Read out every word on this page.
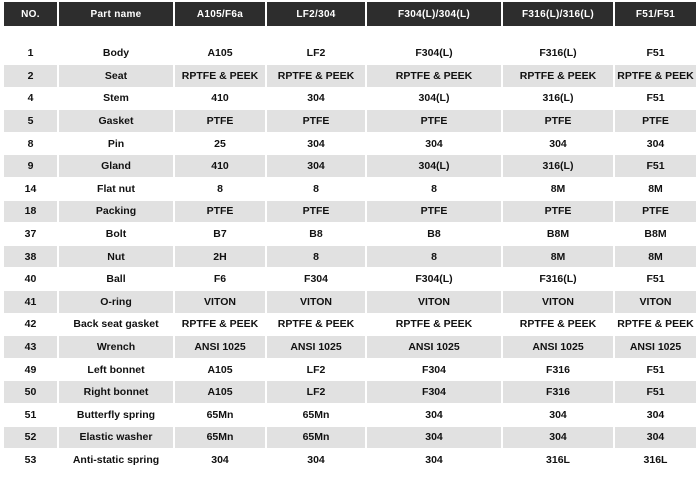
NO.	Part name	A105/F6a	LF2/304	F304(L)/304(L)	F316(L)/316(L)	F51/F51

1	Body	A105	LF2	F304(L)	F316(L)	F51
2	Seat	RPTFE & PEEK	RPTFE & PEEK	RPTFE & PEEK	RPTFE & PEEK	RPTFE & PEEK
4	Stem	410	304	304(L)	316(L)	F51
5	Gasket	PTFE	PTFE	PTFE	PTFE	PTFE
8	Pin	25	304	304	304	304
9	Gland	410	304	304(L)	316(L)	F51
14	Flat nut	8	8	8	8M	8M
18	Packing	PTFE	PTFE	PTFE	PTFE	PTFE
37	Bolt	B7	B8	B8	B8M	B8M
38	Nut	2H	8	8	8M	8M
40	Ball	F6	F304	F304(L)	F316(L)	F51
41	O-ring	VITON	VITON	VITON	VITON	VITON
42	Back seat gasket	RPTFE & PEEK	RPTFE & PEEK	RPTFE & PEEK	RPTFE & PEEK	RPTFE & PEEK
43	Wrench	ANSI 1025	ANSI 1025	ANSI 1025	ANSI 1025	ANSI 1025
49	Left bonnet	A105	LF2	F304	F316	F51
50	Right bonnet	A105	LF2	F304	F316	F51
51	Butterfly spring	65Mn	65Mn	304	304	304
52	Elastic washer	65Mn	65Mn	304	304	304
53	Anti-static spring	304	304	304	316L	316L
